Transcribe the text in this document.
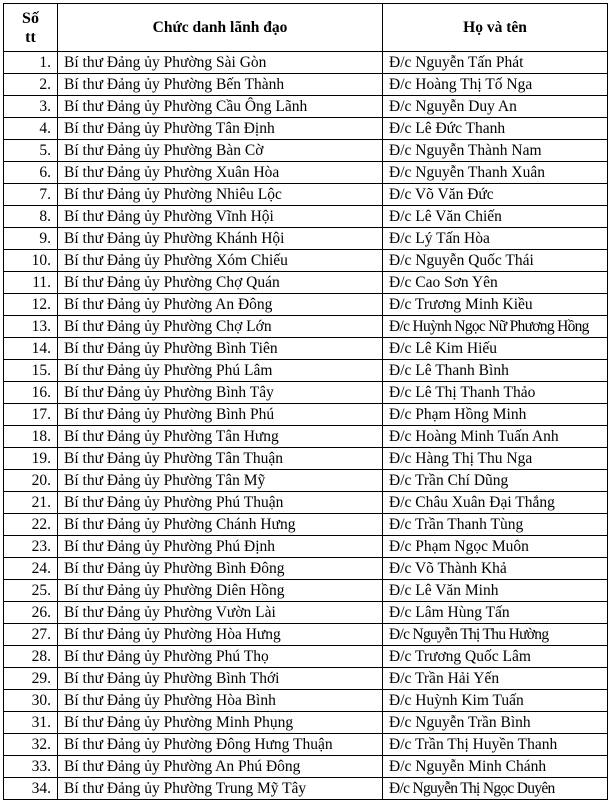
Số
tt	Chức danh lãnh đạo	Họ và tên
1.	Bí thư Đảng ủy Phường Sài Gòn	Đ/c Nguyễn Tấn Phát
2.	Bí thư Đảng ủy Phường Bến Thành	Đ/c Hoàng Thị Tố Nga
3.	Bí thư Đảng ủy Phường Cầu Ông Lãnh	Đ/c Nguyễn Duy An
4.	Bí thư Đảng ủy Phường Tân Định	Đ/c Lê Đức Thanh
5.	Bí thư Đảng ủy Phường Bàn Cờ	Đ/c Nguyễn Thành Nam
6.	Bí thư Đảng ủy Phường Xuân Hòa	Đ/c Nguyễn Thanh Xuân
7.	Bí thư Đảng ủy Phường Nhiêu Lộc	Đ/c Võ Văn Đức
8.	Bí thư Đảng ủy Phường Vĩnh Hội	Đ/c Lê Văn Chiến
9.	Bí thư Đảng ủy Phường Khánh Hội	Đ/c Lý Tấn Hòa
10.	Bí thư Đảng ủy Phường Xóm Chiếu	Đ/c Nguyễn Quốc Thái
11.	Bí thư Đảng ủy Phường Chợ Quán	Đ/c Cao Sơn Yên
12.	Bí thư Đảng ủy Phường An Đông	Đ/c Trương Minh Kiều
13.	Bí thư Đảng ủy Phường Chợ Lớn	Đ/c Huỳnh Ngọc Nữ Phương Hồng
14.	Bí thư Đảng ủy Phường Bình Tiên	Đ/c Lê Kim Hiếu
15.	Bí thư Đảng ủy Phường Phú Lâm	Đ/c Lê Thanh Bình
16.	Bí thư Đảng ủy Phường Bình Tây	Đ/c Lê Thị Thanh Thảo
17.	Bí thư Đảng ủy Phường Bình Phú	Đ/c Phạm Hồng Minh
18.	Bí thư Đảng ủy Phường Tân Hưng	Đ/c Hoàng Minh Tuấn Anh
19.	Bí thư Đảng ủy Phường Tân Thuận	Đ/c Hàng Thị Thu Nga
20.	Bí thư Đảng ủy Phường Tân Mỹ	Đ/c Trần Chí Dũng
21.	Bí thư Đảng ủy Phường Phú Thuận	Đ/c Châu Xuân Đại Thắng
22.	Bí thư Đảng ủy Phường Chánh Hưng	Đ/c Trần Thanh Tùng
23.	Bí thư Đảng ủy Phường Phú Định	Đ/c Phạm Ngọc Muôn
24.	Bí thư Đảng ủy Phường Bình Đông	Đ/c Võ Thành Khả
25.	Bí thư Đảng ủy Phường Diên Hồng	Đ/c Lê Văn Minh
26.	Bí thư Đảng ủy Phường Vườn Lài	Đ/c Lâm Hùng Tấn
27.	Bí thư Đảng ủy Phường Hòa Hưng	Đ/c Nguyễn Thị Thu Hường
28.	Bí thư Đảng ủy Phường Phú Thọ	Đ/c Trương Quốc Lâm
29.	Bí thư Đảng ủy Phường Bình Thới	Đ/c Trần Hải Yến
30.	Bí thư Đảng ủy Phường Hòa Bình	Đ/c Huỳnh Kim Tuấn
31.	Bí thư Đảng ủy Phường Minh Phụng	Đ/c Nguyễn Trần Bình
32.	Bí thư Đảng ủy Phường Đông Hưng Thuận	Đ/c Trần Thị Huyền Thanh
33.	Bí thư Đảng ủy Phường An Phú Đông	Đ/c Nguyễn Minh Chánh
34.	Bí thư Đảng ủy Phường Trung Mỹ Tây	Đ/c Nguyễn Thị Ngọc Duyên
